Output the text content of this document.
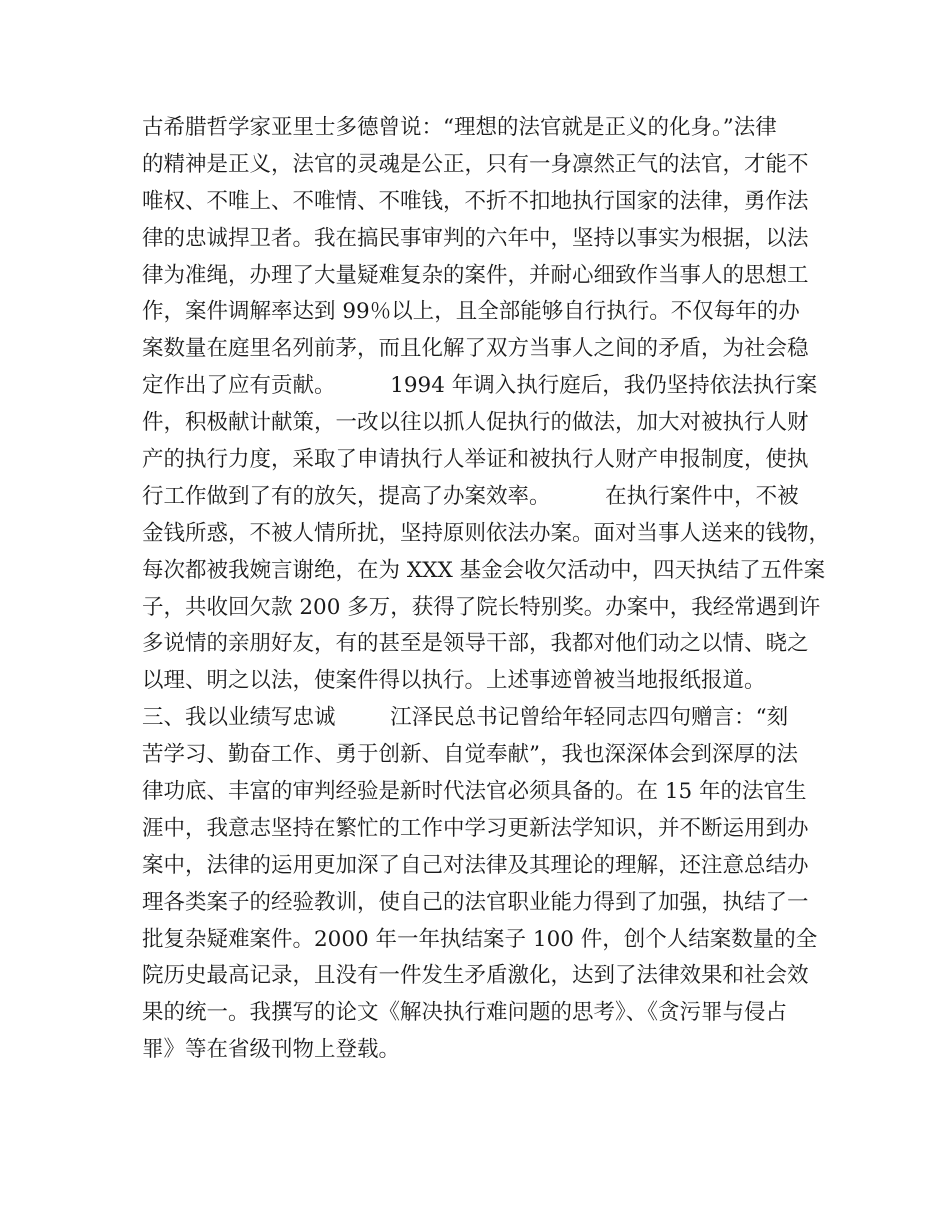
古希腊哲学家亚里士多德曾说：“理想的法官就是正义的化身。”法律
的精神是正义，法官的灵魂是公正，只有一身凛然正气的法官，才能不
唯权、不唯上、不唯情、不唯钱，不折不扣地执行国家的法律，勇作法
律的忠诚捍卫者。我在搞民事审判的六年中，坚持以事实为根据，以法
律为准绳，办理了大量疑难复杂的案件，并耐心细致作当事人的思想工
作，案件调解率达到 99％以上，且全部能够自行执行。不仅每年的办
案数量在庭里名列前茅，而且化解了双方当事人之间的矛盾，为社会稳
定作出了应有贡献。        1994 年调入执行庭后，我仍坚持依法执行案
件，积极献计献策，一改以往以抓人促执行的做法，加大对被执行人财
产的执行力度，采取了申请执行人举证和被执行人财产申报制度，使执
行工作做到了有的放矢，提高了办案效率。        在执行案件中，不被
金钱所惑，不被人情所扰，坚持原则依法办案。面对当事人送来的钱物，
每次都被我婉言谢绝，在为 XXX 基金会收欠活动中，四天执结了五件案
子，共收回欠款 200 多万，获得了院长特别奖。办案中，我经常遇到许
多说情的亲朋好友，有的甚至是领导干部，我都对他们动之以情、晓之
以理、明之以法，使案件得以执行。上述事迹曾被当地报纸报道。
三、我以业绩写忠诚        江泽民总书记曾给年轻同志四句赠言：“刻
苦学习、勤奋工作、勇于创新、自觉奉献”，我也深深体会到深厚的法
律功底、丰富的审判经验是新时代法官必须具备的。在 15 年的法官生
涯中，我意志坚持在繁忙的工作中学习更新法学知识，并不断运用到办
案中，法律的运用更加深了自己对法律及其理论的理解，还注意总结办
理各类案子的经验教训，使自己的法官职业能力得到了加强，执结了一
批复杂疑难案件。2000 年一年执结案子 100 件，创个人结案数量的全
院历史最高记录，且没有一件发生矛盾激化，达到了法律效果和社会效
果的统一。我撰写的论文《解决执行难问题的思考》、《贪污罪与侵占
罪》等在省级刊物上登载。
